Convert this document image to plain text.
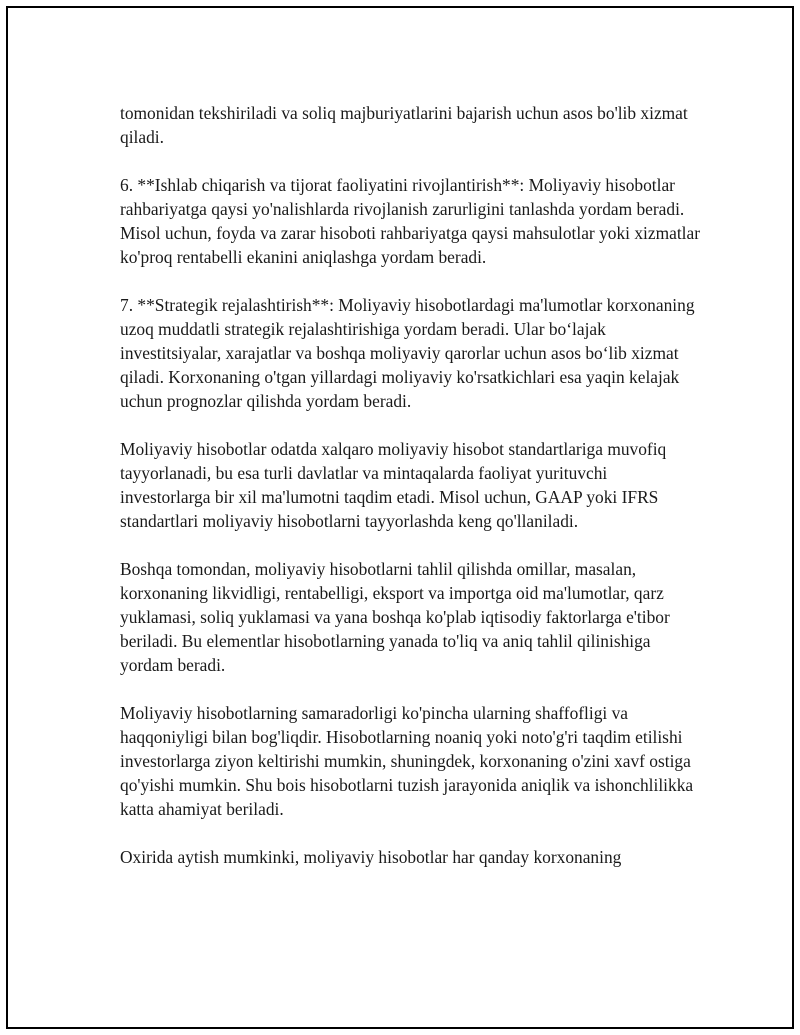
tomonidan tekshiriladi va soliq majburiyatlarini bajarish uchun asos bo'lib xizmat qiladi.

6. **Ishlab chiqarish va tijorat faoliyatini rivojlantirish**: Moliyaviy hisobotlar rahbariyatga qaysi yo'nalishlarda rivojlanish zarurligini tanlashda yordam beradi. Misol uchun, foyda va zarar hisoboti rahbariyatga qaysi mahsulotlar yoki xizmatlar ko'proq rentabelli ekanini aniqlashga yordam beradi.

7. **Strategik rejalashtirish**: Moliyaviy hisobotlardagi ma'lumotlar korxonaning uzoq muddatli strategik rejalashtirishiga yordam beradi. Ular bo‘lajak investitsiyalar, xarajatlar va boshqa moliyaviy qarorlar uchun asos bo‘lib xizmat qiladi. Korxonaning o'tgan yillardagi moliyaviy ko'rsatkichlari esa yaqin kelajak uchun prognozlar qilishda yordam beradi.

Moliyaviy hisobotlar odatda xalqaro moliyaviy hisobot standartlariga muvofiq tayyorlanadi, bu esa turli davlatlar va mintaqalarda faoliyat yurituvchi investorlarga bir xil ma'lumotni taqdim etadi. Misol uchun, GAAP yoki IFRS standartlari moliyaviy hisobotlarni tayyorlashda keng qo'llaniladi.

Boshqa tomondan, moliyaviy hisobotlarni tahlil qilishda omillar, masalan, korxonaning likvidligi, rentabelligi, eksport va importga oid ma'lumotlar, qarz yuklamasi, soliq yuklamasi va yana boshqa ko'plab iqtisodiy faktorlarga e'tibor beriladi. Bu elementlar hisobotlarning yanada to'liq va aniq tahlil qilinishiga yordam beradi.

Moliyaviy hisobotlarning samaradorligi ko'pincha ularning shaffofligi va haqqoniyligi bilan bog'liqdir. Hisobotlarning noaniq yoki noto'g'ri taqdim etilishi investorlarga ziyon keltirishi mumkin, shuningdek, korxonaning o'zini xavf ostiga qo'yishi mumkin. Shu bois hisobotlarni tuzish jarayonida aniqlik va ishonchlilikka katta ahamiyat beriladi.

Oxirida aytish mumkinki, moliyaviy hisobotlar har qanday korxonaning
